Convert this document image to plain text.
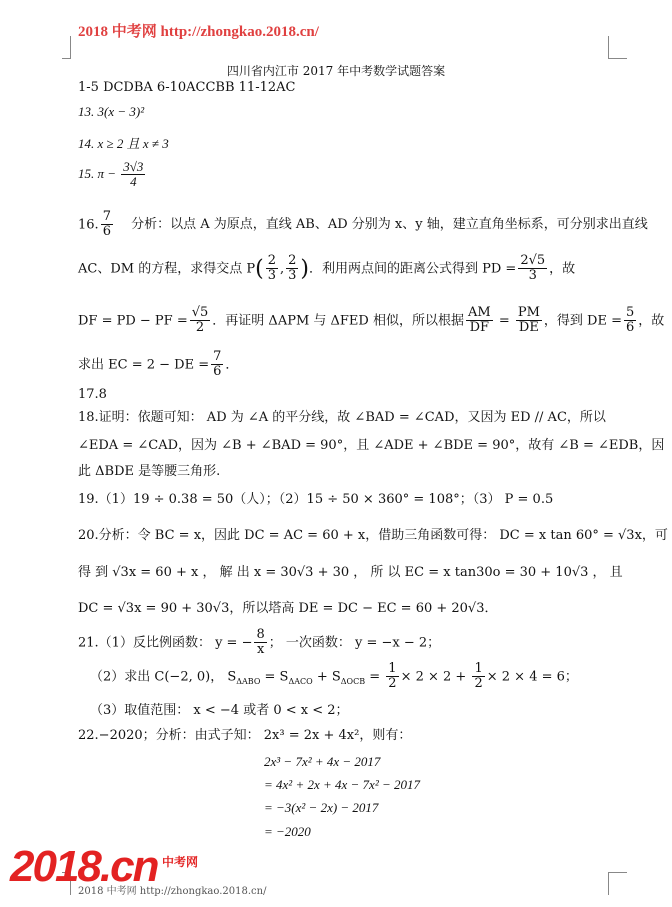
2018 中考网 http://zhongkao.2018.cn/
四川省内江市 2017 年中考数学试题答案
1-5 DCDBA 6-10ACCBB 11-12AC
13. 3(x − 3)²
14. x ≥ 2 且 x ≠ 3
15. $\pi - \frac{3√3}{4}$
16. $\frac{7}{6}$ 分析：以点 A 为原点，直线 AB、AD 分别为 x、y 轴，建立直角坐标系，可分别求出直线
AC、DM 的方程，求得交点 $P( \frac{2}{3}$ , $\frac{2}{3}$ )．利用两点间的距离公式得到 PD = $\frac{2√5}{3}$ ，故
DF = PD − PF = $\frac{√5}{2}$ ．再证明 ΔAPM 与 ΔFED 相似，所以根据 $\frac{AM}{DF} = \frac{PM}{DE}$ ，得到 DE = $\frac{5}{6}$ ，故
求出 EC = 2 − DE = $\frac{7}{6}$ ．
17.8
18.证明：依题可知： AD 为 ∠A 的平分线，故 ∠BAD = ∠CAD，又因为 ED // AC，所以
∠EDA = ∠CAD，因为 ∠B + ∠BAD = 90°，且 ∠ADE + ∠BDE = 90°，故有 ∠B = ∠EDB，因
此 ΔBDE 是等腰三角形.
19.（1）19 ÷ 0.38 = 50（人）；（2）15 ÷ 50 × 360° = 108°；（3） P = 0.5
20.分析：令 BC = x，因此 DC = AC = 60 + x，借助三角函数可得： DC = x tan 60° = √3x，可
得 到 √3x = 60 + x ， 解 出 x = 30√3 + 30 ， 所 以 EC = x tan30o = 30 + 10√3 ， 且
DC = √3x = 90 + 30√3，所以塔高 DE = DC − EC = 60 + 20√3．
21.（1）反比例函数： y = − $\frac{8}{x}$ ； 一次函数： y = −x − 2；
（2）求出 C(−2, 0)， $S_{\Delta ABO} = S_{\Delta ACO} + S_{\Delta OCB} = \frac{1}{2} \times 2 \times 2 + \frac{1}{2} \times 2 \times 4 = 6$；
（3）取值范围： x < −4 或者 0 < x < 2；
22.−2020；分析：由式子知： 2x³ = 2x + 4x²，则有：
2x³ − 7x² + 4x − 2017
= 4x² + 2x + 4x − 7x² − 2017
= −3(x² − 2x) − 2017
= −2020
2018.cn 中考网
2018 中考网 http://zhongkao.2018.cn/
